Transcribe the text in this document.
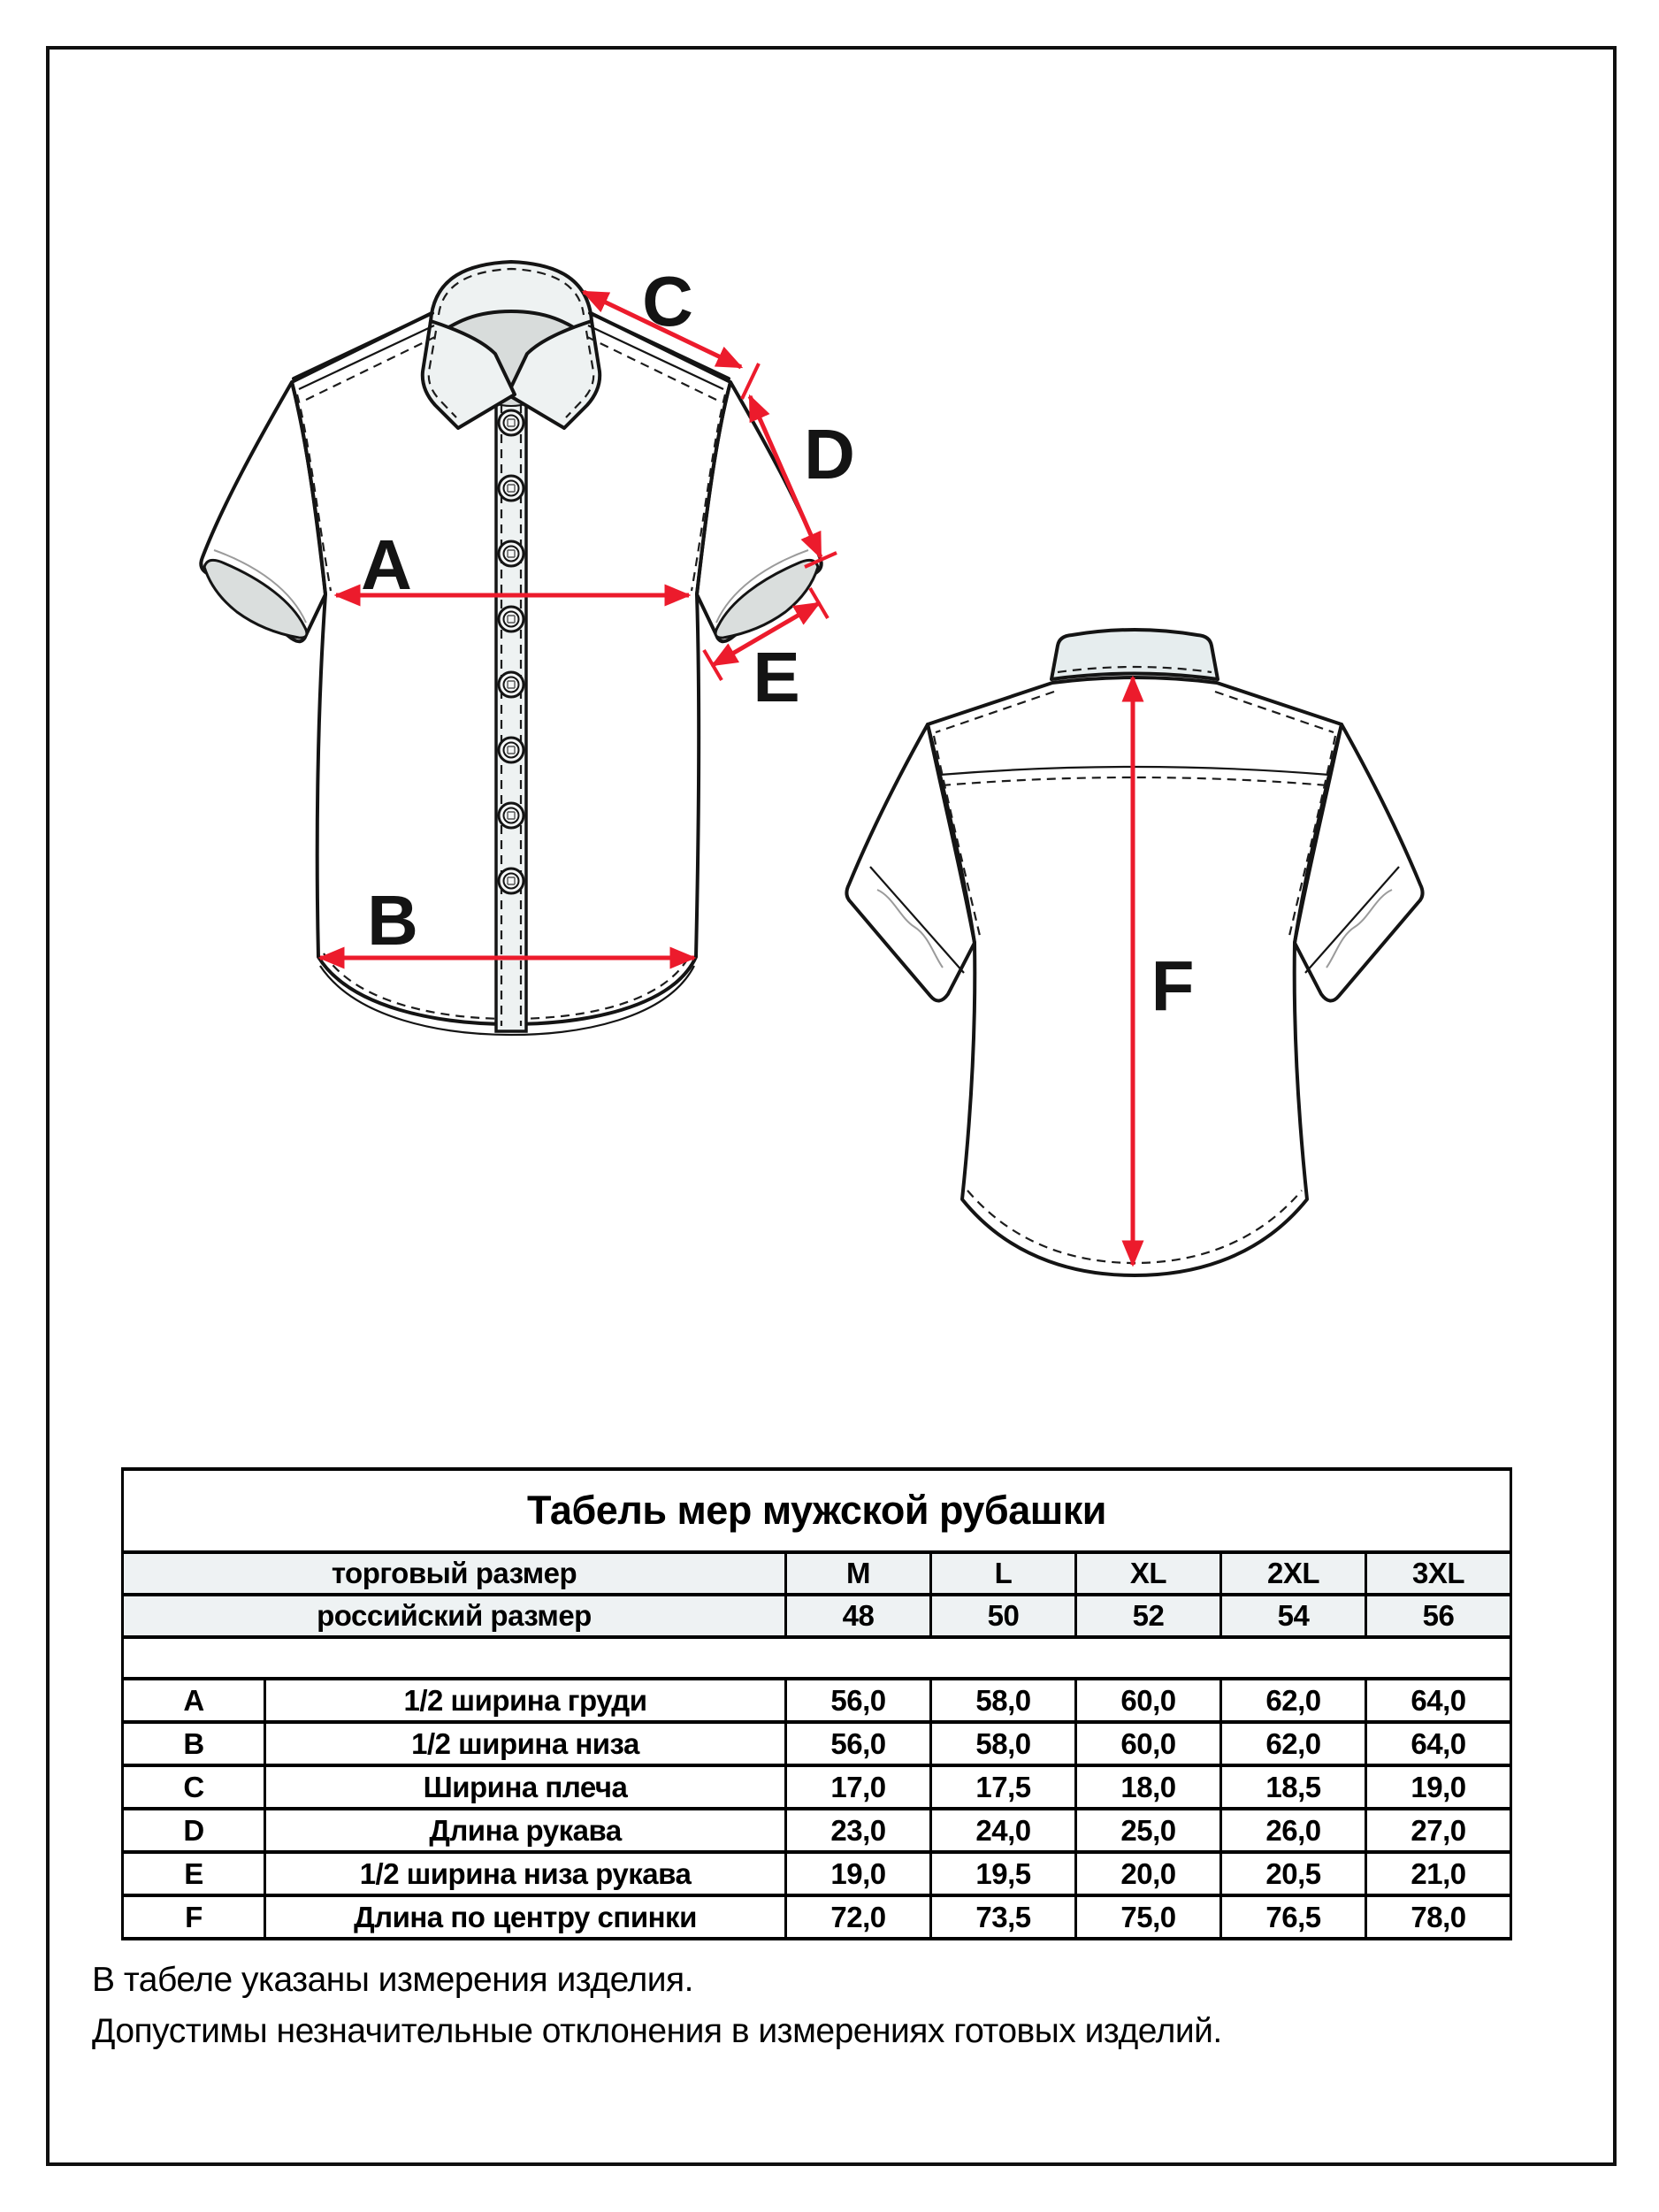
A
B
C
D
E
F
Табель мер мужской рубашки						
торговый размер		M	L	XL	2XL	3XL
российский размер		48	50	52	54	56

A	1/2 ширина груди	56,0	58,0	60,0	62,0	64,0
B	1/2 ширина низа	56,0	58,0	60,0	62,0	64,0
C	Ширина плеча	17,0	17,5	18,0	18,5	19,0
D	Длина рукава	23,0	24,0	25,0	26,0	27,0
E	1/2 ширина низа рукава	19,0	19,5	20,0	20,5	21,0
F	Длина по центру спинки	72,0	73,5	75,0	76,5	78,0
В табеле указаны измерения изделия.
Допустимы незначительные отклонения в измерениях готовых изделий.
